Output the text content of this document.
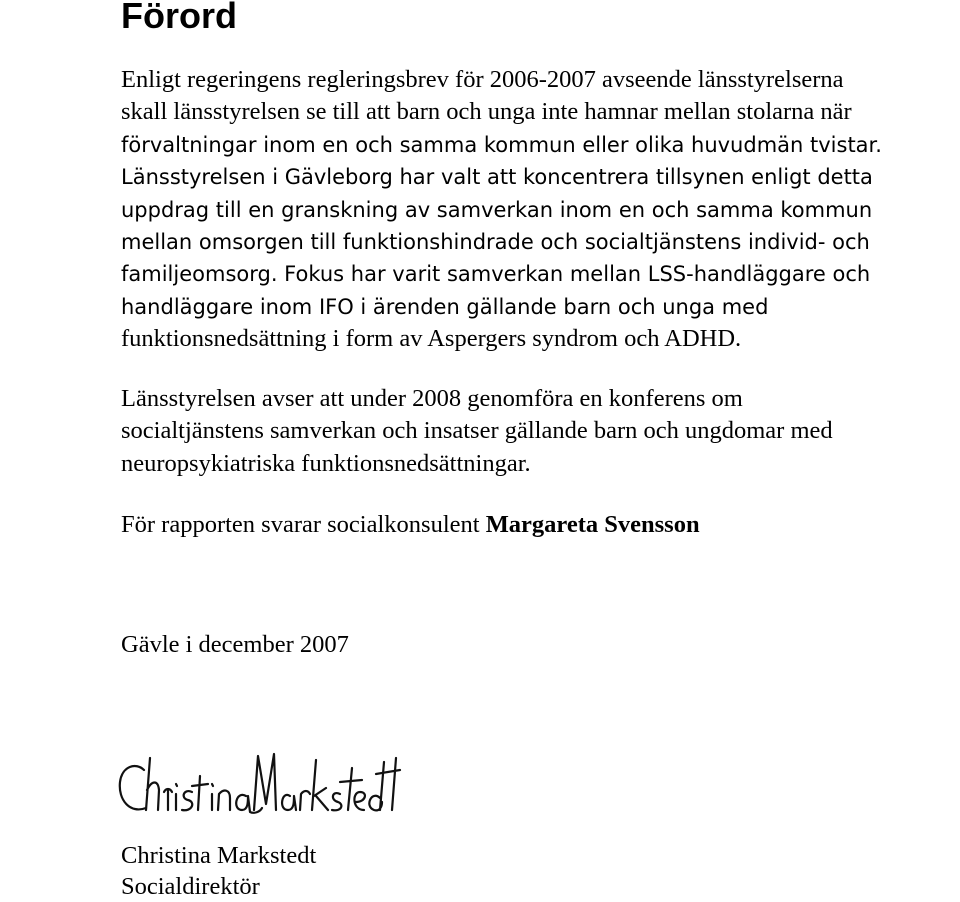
Förord

Enligt regeringens regleringsbrev för 2006-2007 avseende länsstyrelserna
skall länsstyrelsen se till att barn och unga inte hamnar mellan stolarna när
förvaltningar inom en och samma kommun eller olika huvudmän tvistar.
Länsstyrelsen i Gävleborg har valt att koncentrera tillsynen enligt detta
uppdrag till en granskning av samverkan inom en och samma kommun
mellan omsorgen till funktionshindrade och socialtjänstens individ- och
familjeomsorg. Fokus har varit samverkan mellan LSS-handläggare och
handläggare inom IFO i ärenden gällande barn och unga med
funktionsnedsättning i form av Aspergers syndrom och ADHD.

Länsstyrelsen avser att under 2008 genomföra en konferens om
socialtjänstens samverkan och insatser gällande barn och ungdomar med
neuropsykiatriska funktionsnedsättningar.

För rapporten svarar socialkonsulent Margareta Svensson

Gävle i december 2007

Christina Markstedt
Socialdirektör
